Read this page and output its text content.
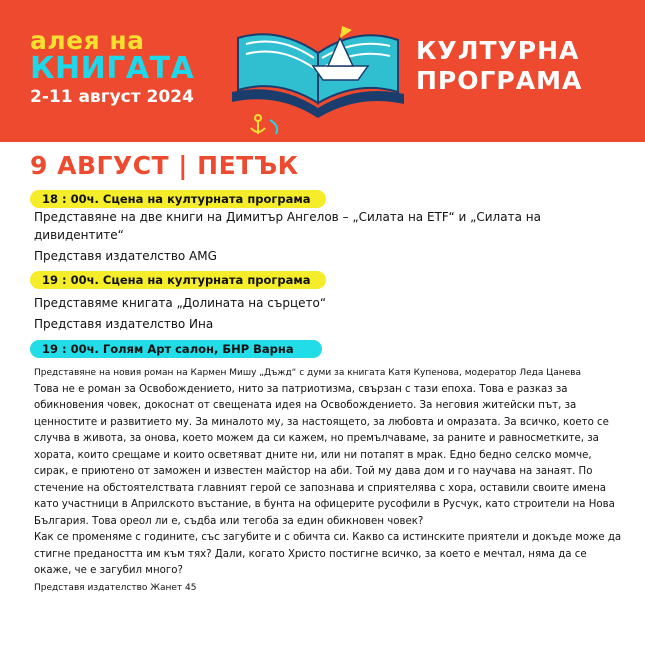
алея на
КНИГАТА
2-11 август 2024
КУЛТУРНА
ПРОГРАМА
9 АВГУСТ | ПЕТЪК
18 : 00ч. Сцена на културната програма
Представяне на две книги на Димитър Ангелов – „Силата на ETF“ и „Силата на
дивидентите“
Представя издателство AMG
19 : 00ч. Сцена на културната програма
Представяме книгата „Долината на сърцето“
Представя издателство Ина
19 : 00ч. Голям Арт салон, БНР Варна

Представяне на новия роман на Кармен Мишу „Дъжд“ с думи за книгата Катя Купенова, модератор Леда Цанева

Това не е роман за Освобождението, нито за патриотизма, свързан с тази епоха. Това е разказ за обикновения човек, докоснат от свещената идея на Освобождението. За неговия житейски път, за ценностите и развитието му. За миналото му, за настоящето, за любовта и омразата. За всичко, което се случва в живота, за онова, което можем да си кажем, но премълчаваме, за раните и равносметките, за хората, които срещаме и които осветяват дните ни, или ни потапят в мрак. Едно бедно селско момче, сирак, е приютено от заможен и известен майстор на аби. Той му дава дом и го научава на занаят. По стечение на обстоятелствата главният герой се запознава и сприятелява с хора, оставили своите имена като участници в Априлското въстание, в бунта на офицерите русофили в Русчук, като строители на Нова България. Това ореол ли е, съдба или тегоба за един обикновен човек?

Как се променяме с годините, със загубите и с обичта си. Какво са истинските приятели и докъде може да стигне предаността им към тях? Дали, когато Христо постигне всичко, за което е мечтал, няма да се окаже, че е загубил много?

Представя издателство Жанет 45
